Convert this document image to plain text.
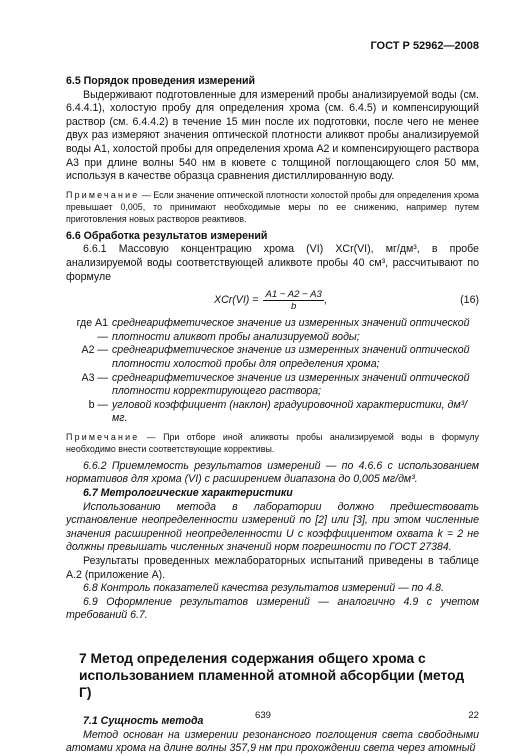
ГОСТ Р 52962—2008

6.5 Порядок проведения измерений

Выдерживают подготовленные для измерений пробы анализируемой воды (см. 6.4.4.1), холостую пробу для определения хрома (см. 6.4.5) и компенсирующий раствор (см. 6.4.4.2) в течение 15 мин после их подготовки, после чего не менее двух раз измеряют значения оптической плотности аликвот пробы анализируемой воды A1, холостой пробы для определения хрома A2 и компенсирующего раствора A3 при длине волны 540 нм в кювете с толщиной поглощающего слоя 50 мм, используя в качестве образца сравнения дистиллированную воду.

Примечание — Если значение оптической плотности холостой пробы для определения хрома превышает 0,005, то принимают необходимые меры по ее снижению, например путем приготовления новых растворов реактивов.

6.6 Обработка результатов измерений

6.6.1 Массовую концентрацию хрома (VI) XCr(VI), мг/дм³, в пробе анализируемой воды соответствующей аликвоте пробы 40 см³, рассчитывают по формуле

$XCr(VI) = \frac{A1 - A2 - A3}{b}$ ,	(16)
где A1 —
среднеарифметическое значение из измеренных значений оптической плотности аликвот пробы анализируемой воды;
A2 — среднеарифметическое значение из измеренных значений оптической плотности холостой пробы для определения хрома;
A3 — среднеарифметическое значение из измеренных значений оптической плотности корректирующего раствора;
b — угловой коэффициент (наклон) градуировочной характеристики, дм³/мг.

Примечание — При отборе иной аликвоты пробы анализируемой воды в формулу необходимо внести соответствующие коррективы.

6.6.2 Приемлемость результатов измерений — по 4.6.6 с использованием нормативов для хрома (VI) с расширением диапазона до 0,005 мг/дм³.

6.7 Метрологические характеристики

Использованию метода в лаборатории должно предшествовать установление неопределенности измерений по [2] или [3], при этом численные значения расширенной неопределенности U с коэффициентом охвата k = 2 не должны превышать численных значений норм погрешности по ГОСТ 27384.

Результаты проведенных межлабораторных испытаний приведены в таблице А.2 (приложение А).

6.8 Контроль показателей качества результатов измерений — по 4.8.

6.9 Оформление результатов измерений — аналогично 4.9 с учетом требований 6.7.

7 Метод определения содержания общего хрома с использованием пламенной атомной абсорбции (метод Г)

7.1 Сущность метода

Метод основан на измерении резонансного поглощения света свободными атомами хрома на длине волны 357,9 нм при прохождении света через атомный

639	22
